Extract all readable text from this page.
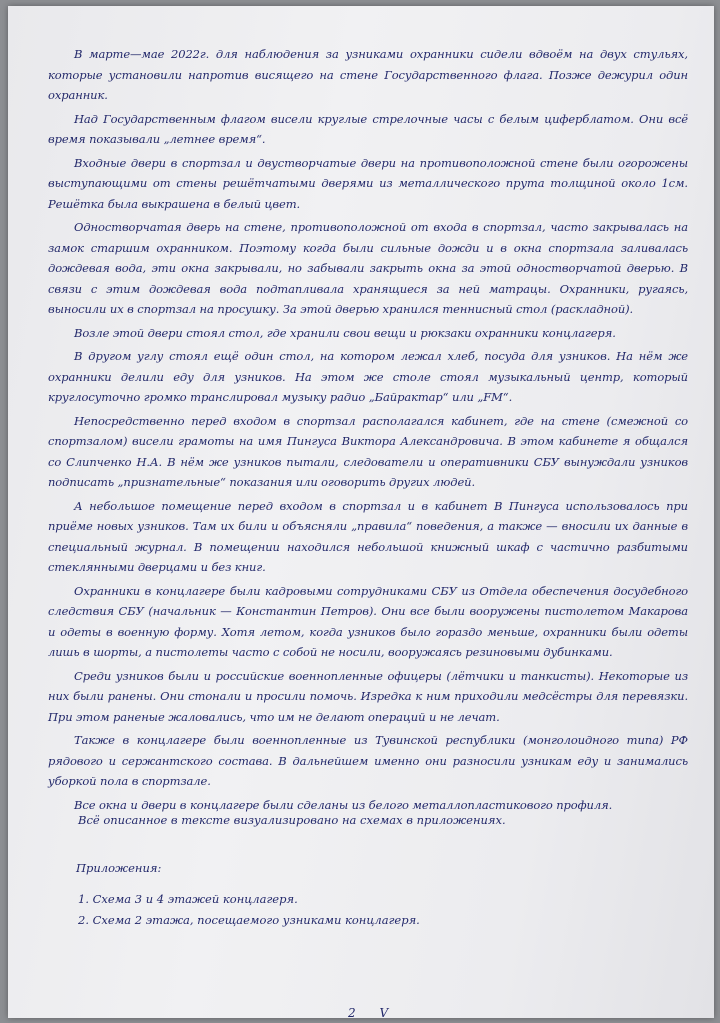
В марте—мае 2022г. для наблюдения за узниками охранники сидели вдвоём на двух стульях, которые установили напротив висящего на стене Государственного флага. Позже дежурил один охранник.

Над Государственным флагом висели круглые стрелочные часы с белым циферблатом. Они всё время показывали „летнее время“.

Входные двери в спортзал и двустворчатые двери на противоположной стене были огорожены выступающими от стены решётчатыми дверями из металлического прута толщиной около 1см. Решётка была выкрашена в белый цвет.

Одностворчатая дверь на стене, противоположной от входа в спортзал, часто закрывалась на замок старшим охранником. Поэтому когда были сильные дожди и в окна спортзала заливалась дождевая вода, эти окна закрывали, но забывали закрыть окна за этой одностворчатой дверью. В связи с этим дождевая вода подтапливала хранящиеся за ней матрацы. Охранники, ругаясь, выносили их в спортзал на просушку. За этой дверью хранился теннисный стол (раскладной).

Возле этой двери стоял стол, где хранили свои вещи и рюкзаки охранники концлагеря.

В другом углу стоял ещё один стол, на котором лежал хлеб, посуда для узников. На нём же охранники делили еду для узников. На этом же столе стоял музыкальный центр, который круглосуточно громко транслировал музыку радио „Байрактар“ или „FM“.

Непосредственно перед входом в спортзал располагался кабинет, где на стене (смежной со спортзалом) висели грамоты на имя Пингуса Виктора Александровича. В этом кабинете я общался со Слипченко Н.А. В нём же узников пытали, следователи и оперативники СБУ вынуждали узников подписать „признательные“ показания или оговорить других людей.

А небольшое помещение перед входом в спортзал и в кабинет В Пингуса использовалось при приёме новых узников. Там их били и объясняли „правила“ поведения, а также — вносили их данные в специальный журнал. В помещении находился небольшой книжный шкаф с частично разбитыми стеклянными дверцами и без книг.

Охранники в концлагере были кадровыми сотрудниками СБУ из Отдела обеспечения досудебного следствия СБУ (начальник — Константин Петров). Они все были вооружены пистолетом Макарова и одеты в военную форму. Хотя летом, когда узников было гораздо меньше, охранники были одеты лишь в шорты, а пистолеты часто с собой не носили, вооружаясь резиновыми дубинками.

Среди узников были и российские военнопленные офицеры (лётчики и танкисты). Некоторые из них были ранены. Они стонали и просили помочь. Изредка к ним приходили медсёстры для перевязки. При этом раненые жаловались, что им не делают операций и не лечат.

Также в концлагере были военнопленные из Тувинской республики (монголоидного типа) РФ рядового и сержантского состава. В дальнейшем именно они разносили узникам еду и занимались уборкой пола в спортзале.

Все окна и двери в концлагере были сделаны из белого металлопластикового профиля.

Всё описанное в тексте визуализировано на схемах в приложениях.
Приложения:
1. Схема 3 и 4 этажей концлагеря.
2. Схема 2 этажа, посещаемого узниками концлагеря.
2 V
